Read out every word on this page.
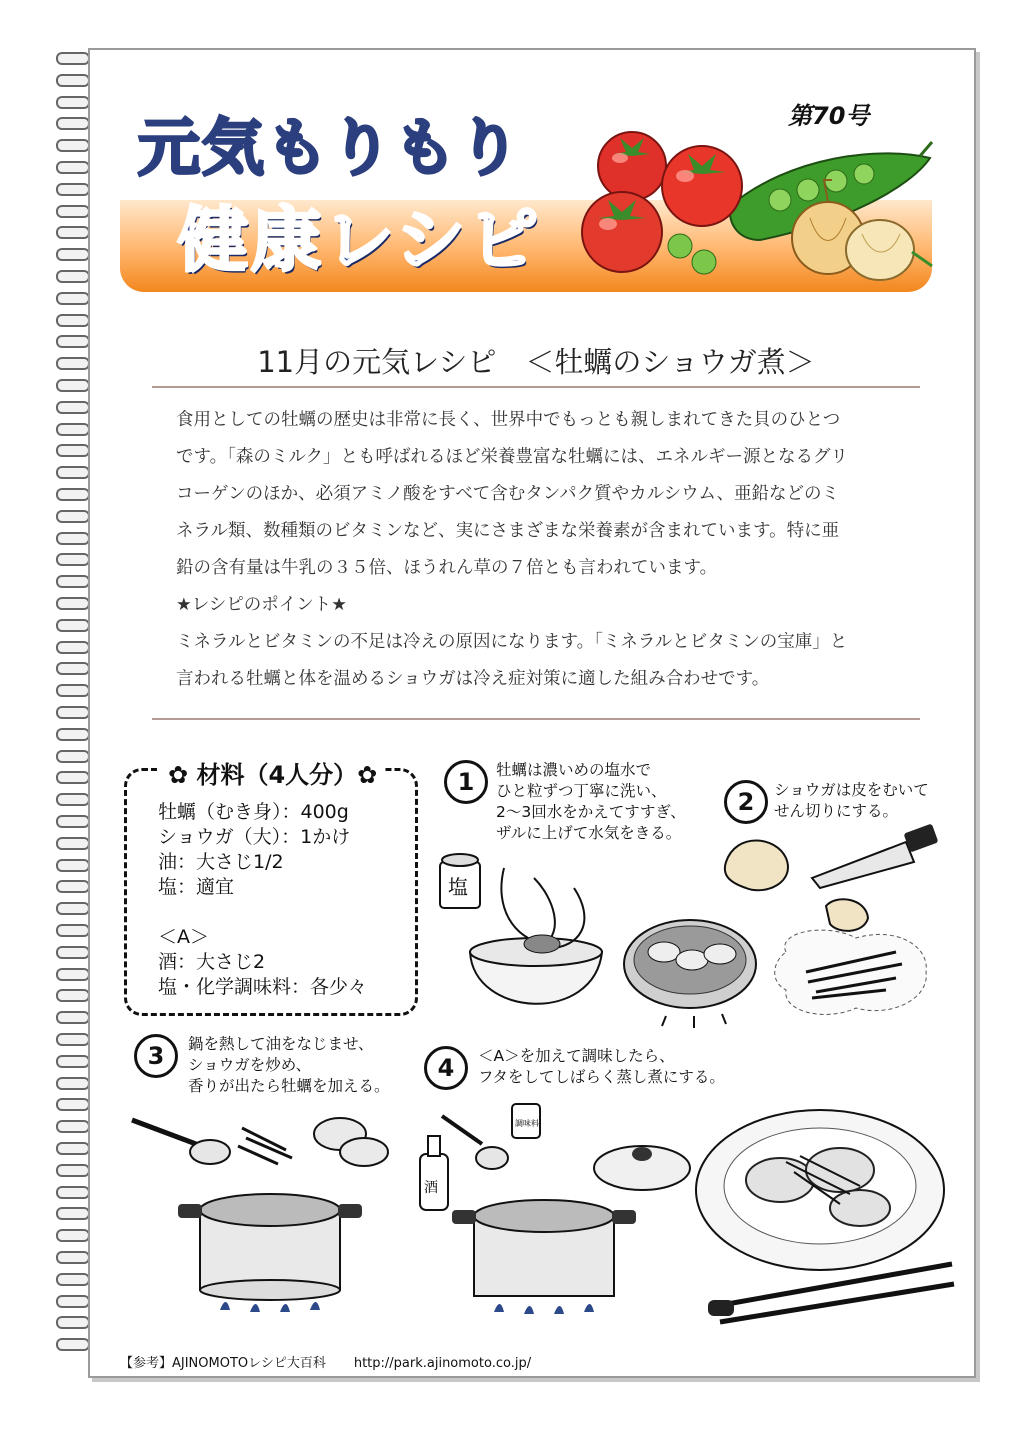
元気もりもり
健康レシピ
第70号
11月の元気レシピ　＜牡蠣のショウガ煮＞

食用としての牡蠣の歴史は非常に長く、世界中でもっとも親しまれてきた貝のひとつ

です。「森のミルク」とも呼ばれるほど栄養豊富な牡蠣には、エネルギー源となるグリ

コーゲンのほか、必須アミノ酸をすべて含むタンパク質やカルシウム、亜鉛などのミ

ネラル類、数種類のビタミンなど、実にさまざまな栄養素が含まれています。特に亜

鉛の含有量は牛乳の３５倍、ほうれん草の７倍とも言われています。

★レシピのポイント★

ミネラルとビタミンの不足は冷えの原因になります。「ミネラルとビタミンの宝庫」と

言われる牡蠣と体を温めるショウガは冷え症対策に適した組み合わせです。

✿ 材料（4人分）✿
牡蠣（むき身）：400g
ショウガ（大）：1かけ
油：大さじ1/2
塩：適宜

＜A＞
酒：大さじ2
塩・化学調味料：各少々
1	牡蠣は濃いめの塩水で
ひと粒ずつ丁寧に洗い、
2〜3回水をかえてすすぎ、
ザルに上げて水気をきる。
塩
2	ショウガは皮をむいて
せん切りにする。
3	鍋を熱して油をなじませ、
ショウガを炒め、
香りが出たら牡蠣を加える。
4	＜A＞を加えて調味したら、
フタをしてしばらく蒸し煮にする。
酒
調味料
【参考】AJINOMOTOレシピ大百科 http://park.ajinomoto.co.jp/
